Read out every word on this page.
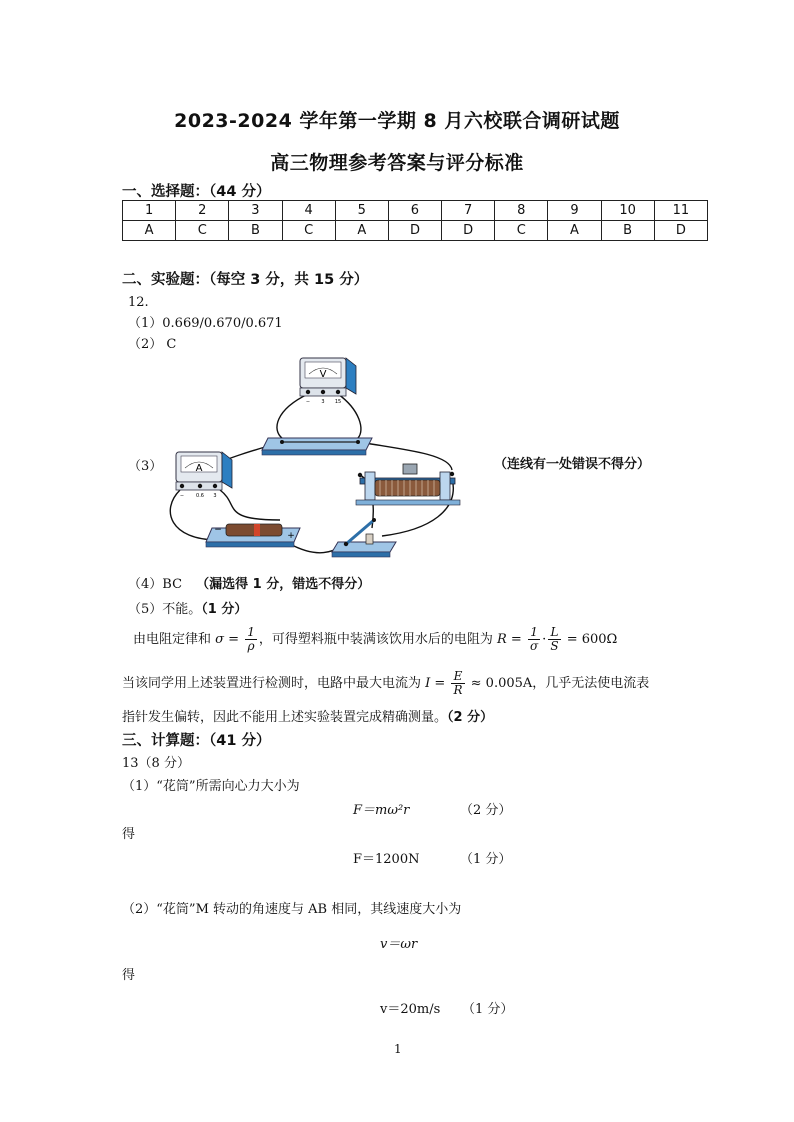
2023-2024 学年第一学期 8 月六校联合调研试题
高三物理参考答案与评分标准
一、选择题：（44 分）
1	2	3	4	5	6	7	8	9	10	11
A	C	B	C	A	D	D	C	A	B	D
二、实验题：（每空 3 分，共 15 分）
12.
（1）0.669/0.670/0.671
（2） C
（3）	（连线有一处错误不得分）
V
− 3 15
A
− 0.6 3
−
+
（4）BC （漏选得 1 分，错选不得分）
（5）不能。（1 分）
由电阻定律和 $\sigma = \frac{1}{\rho}$ ，可得塑料瓶中装满该饮用水后的电阻为 $R = \frac{1}{\sigma} \cdot \frac{L}{S} = 600\Omega$
当该同学用上述装置进行检测时，电路中最大电流为 $I = \frac{E}{R} \approx 0.005A$，几乎无法使电流表
指针发生偏转，因此不能用上述实验装置完成精确测量。（2 分）
三、计算题：（41 分）
13（8 分）
（1）“花筒”所需向心力大小为
F＝mω²r	（2 分）
得
F＝1200N	（1 分）
（2）“花筒”M 转动的角速度与 AB 相同，其线速度大小为
v＝ωr
得
v＝20m/s （1 分）
1
